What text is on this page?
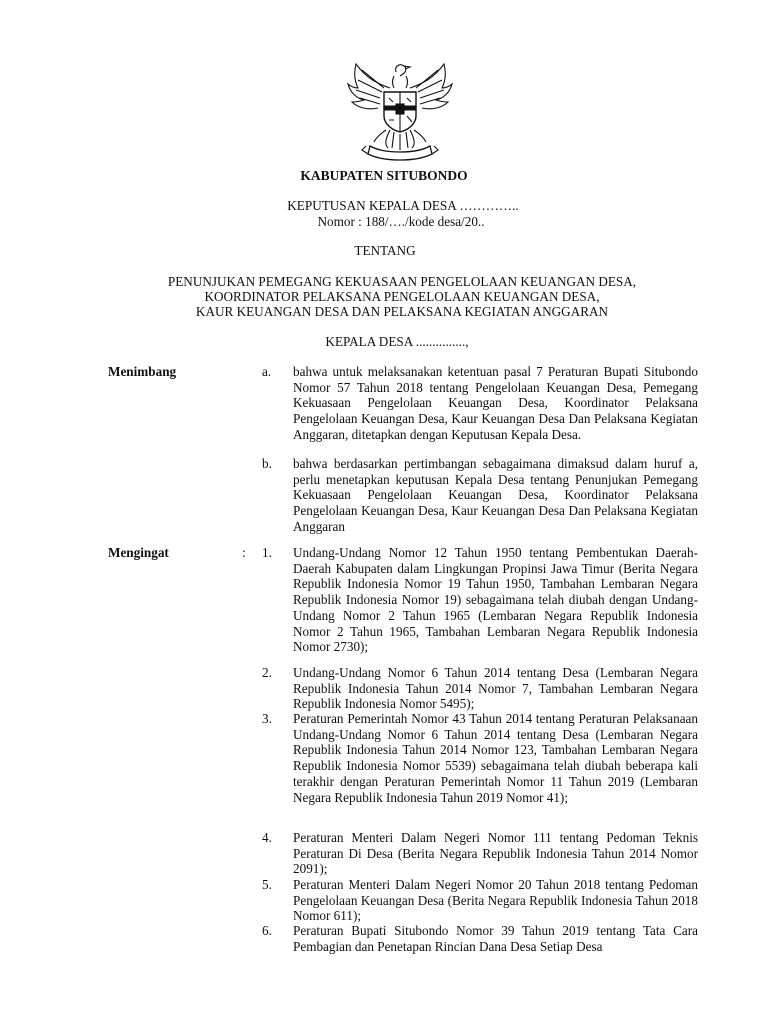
KABUPATEN SITUBONDO
KEPUTUSAN KEPALA DESA …………..
Nomor : 188/…./kode desa/20..
TENTANG
PENUNJUKAN PEMEGANG KEKUASAAN PENGELOLAAN KEUANGAN DESA,
KOORDINATOR PELAKSANA PENGELOLAAN KEUANGAN DESA,
KAUR KEUANGAN DESA DAN PELAKSANA KEGIATAN ANGGARAN
KEPALA DESA ...............,
Menimbang	a. bahwa untuk melaksanakan ketentuan pasal 7 Peraturan Bupati Situbondo Nomor 57 Tahun 2018 tentang Pengelolaan Keuangan Desa, Pemegang Kekuasaan Pengelolaan Keuangan Desa, Koordinator Pelaksana Pengelolaan Keuangan Desa, Kaur Keuangan Desa Dan Pelaksana Kegiatan Anggaran, ditetapkan dengan Keputusan Kepala Desa.

b. bahwa berdasarkan pertimbangan sebagaimana dimaksud dalam huruf a, perlu menetapkan keputusan Kepala Desa tentang Penunjukan Pemegang Kekuasaan Pengelolaan Keuangan Desa, Koordinator Pelaksana Pengelolaan Keuangan Desa, Kaur Keuangan Desa Dan Pelaksana Kegiatan Anggaran

Mengingat	: 1. Undang-Undang Nomor 12 Tahun 1950 tentang Pembentukan Daerah-Daerah Kabupaten dalam Lingkungan Propinsi Jawa Timur (Berita Negara Republik Indonesia Nomor 19 Tahun 1950, Tambahan Lembaran Negara Republik Indonesia Nomor 19) sebagaimana telah diubah dengan Undang-Undang Nomor 2 Tahun 1965 (Lembaran Negara Republik Indonesia Nomor 2 Tahun 1965, Tambahan Lembaran Negara Republik Indonesia Nomor 2730);

2. Undang-Undang Nomor 6 Tahun 2014 tentang Desa (Lembaran Negara Republik Indonesia Tahun 2014 Nomor 7, Tambahan Lembaran Negara Republik Indonesia Nomor 5495);

3. Peraturan Pemerintah Nomor 43 Tahun 2014 tentang Peraturan Pelaksanaan Undang-Undang Nomor 6 Tahun 2014 tentang Desa (Lembaran Negara Republik Indonesia Tahun 2014 Nomor 123, Tambahan Lembaran Negara Republik Indonesia Nomor 5539) sebagaimana telah diubah beberapa kali terakhir dengan Peraturan Pemerintah Nomor 11 Tahun 2019 (Lembaran Negara Republik Indonesia Tahun 2019 Nomor 41);

4. Peraturan Menteri Dalam Negeri Nomor 111 tentang Pedoman Teknis Peraturan Di Desa (Berita Negara Republik Indonesia Tahun 2014 Nomor 2091);

5. Peraturan Menteri Dalam Negeri Nomor 20 Tahun 2018 tentang Pedoman Pengelolaan Keuangan Desa (Berita Negara Republik Indonesia Tahun 2018 Nomor 611);

6. Peraturan Bupati Situbondo Nomor 39 Tahun 2019 tentang Tata Cara Pembagian dan Penetapan Rincian Dana Desa Setiap Desa
